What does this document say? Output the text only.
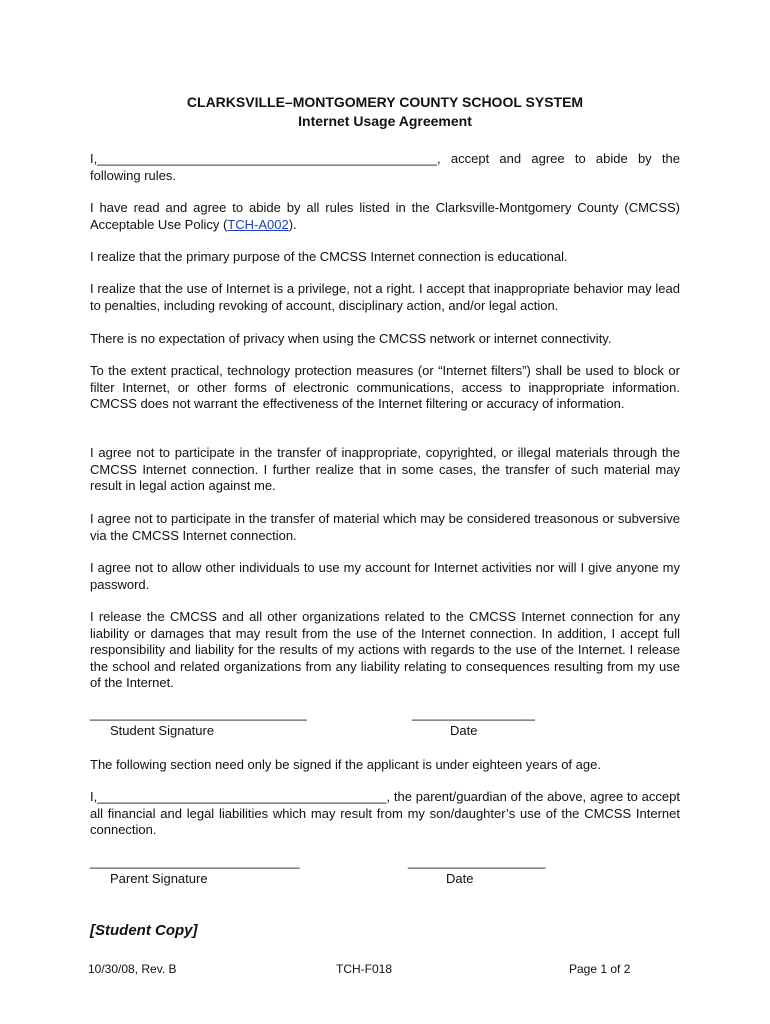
CLARKSVILLE–MONTGOMERY COUNTY SCHOOL SYSTEM
Internet Usage Agreement

I,_______________________________________________, accept and agree to abide by the following rules.

I have read and agree to abide by all rules listed in the Clarksville-Montgomery County (CMCSS) Acceptable Use Policy (TCH-A002).

I realize that the primary purpose of the CMCSS Internet connection is educational.

I realize that the use of Internet is a privilege, not a right. I accept that inappropriate behavior may lead to penalties, including revoking of account, disciplinary action, and/or legal action.

There is no expectation of privacy when using the CMCSS network or internet connectivity.

To the extent practical, technology protection measures (or “Internet filters”) shall be used to block or filter Internet, or other forms of electronic communications, access to inappropriate information. CMCSS does not warrant the effectiveness of the Internet filtering or accuracy of information.

I agree not to participate in the transfer of inappropriate, copyrighted, or illegal materials through the CMCSS Internet connection. I further realize that in some cases, the transfer of such material may result in legal action against me.

I agree not to participate in the transfer of material which may be considered treasonous or subversive via the CMCSS Internet connection.

I agree not to allow other individuals to use my account for Internet activities nor will I give anyone my password.

I release the CMCSS and all other organizations related to the CMCSS Internet connection for any liability or damages that may result from the use of the Internet connection. In addition, I accept full responsibility and liability for the results of my actions with regards to the use of the Internet. I release the school and related organizations from any liability relating to consequences resulting from my use of the Internet.

______________________________
Student Signature
_________________
Date

The following section need only be signed if the applicant is under eighteen years of age.

I,________________________________________, the parent/guardian of the above, agree to accept all financial and legal liabilities which may result from my son/daughter’s use of the CMCSS Internet connection.

_____________________________
Parent Signature
___________________
Date
[Student Copy]
10/30/08, Rev. B	TCH-F018	Page 1 of 2
